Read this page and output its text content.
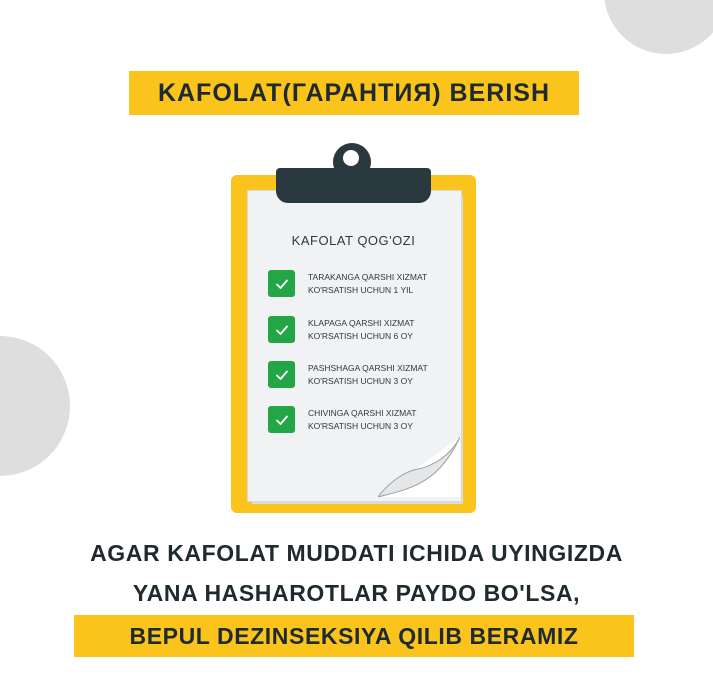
KAFOLAT(ГАРАНТИЯ) BERISH
KAFOLAT QOG'OZI
TARAKANGA QARSHI XIZMAT
KO'RSATISH UCHUN 1 YIL
KLAPAGA QARSHI XIZMAT
KO'RSATISH UCHUN 6 OY
PASHSHAGA QARSHI XIZMAT
KO'RSATISH UCHUN 3 OY
CHIVINGA QARSHI XIZMAT
KO'RSATISH UCHUN 3 OY
AGAR KAFOLAT MUDDATI ICHIDA UYINGIZDA
YANA HASHAROTLAR PAYDO BO'LSA,
BEPUL DEZINSEKSIYA QILIB BERAMIZ
